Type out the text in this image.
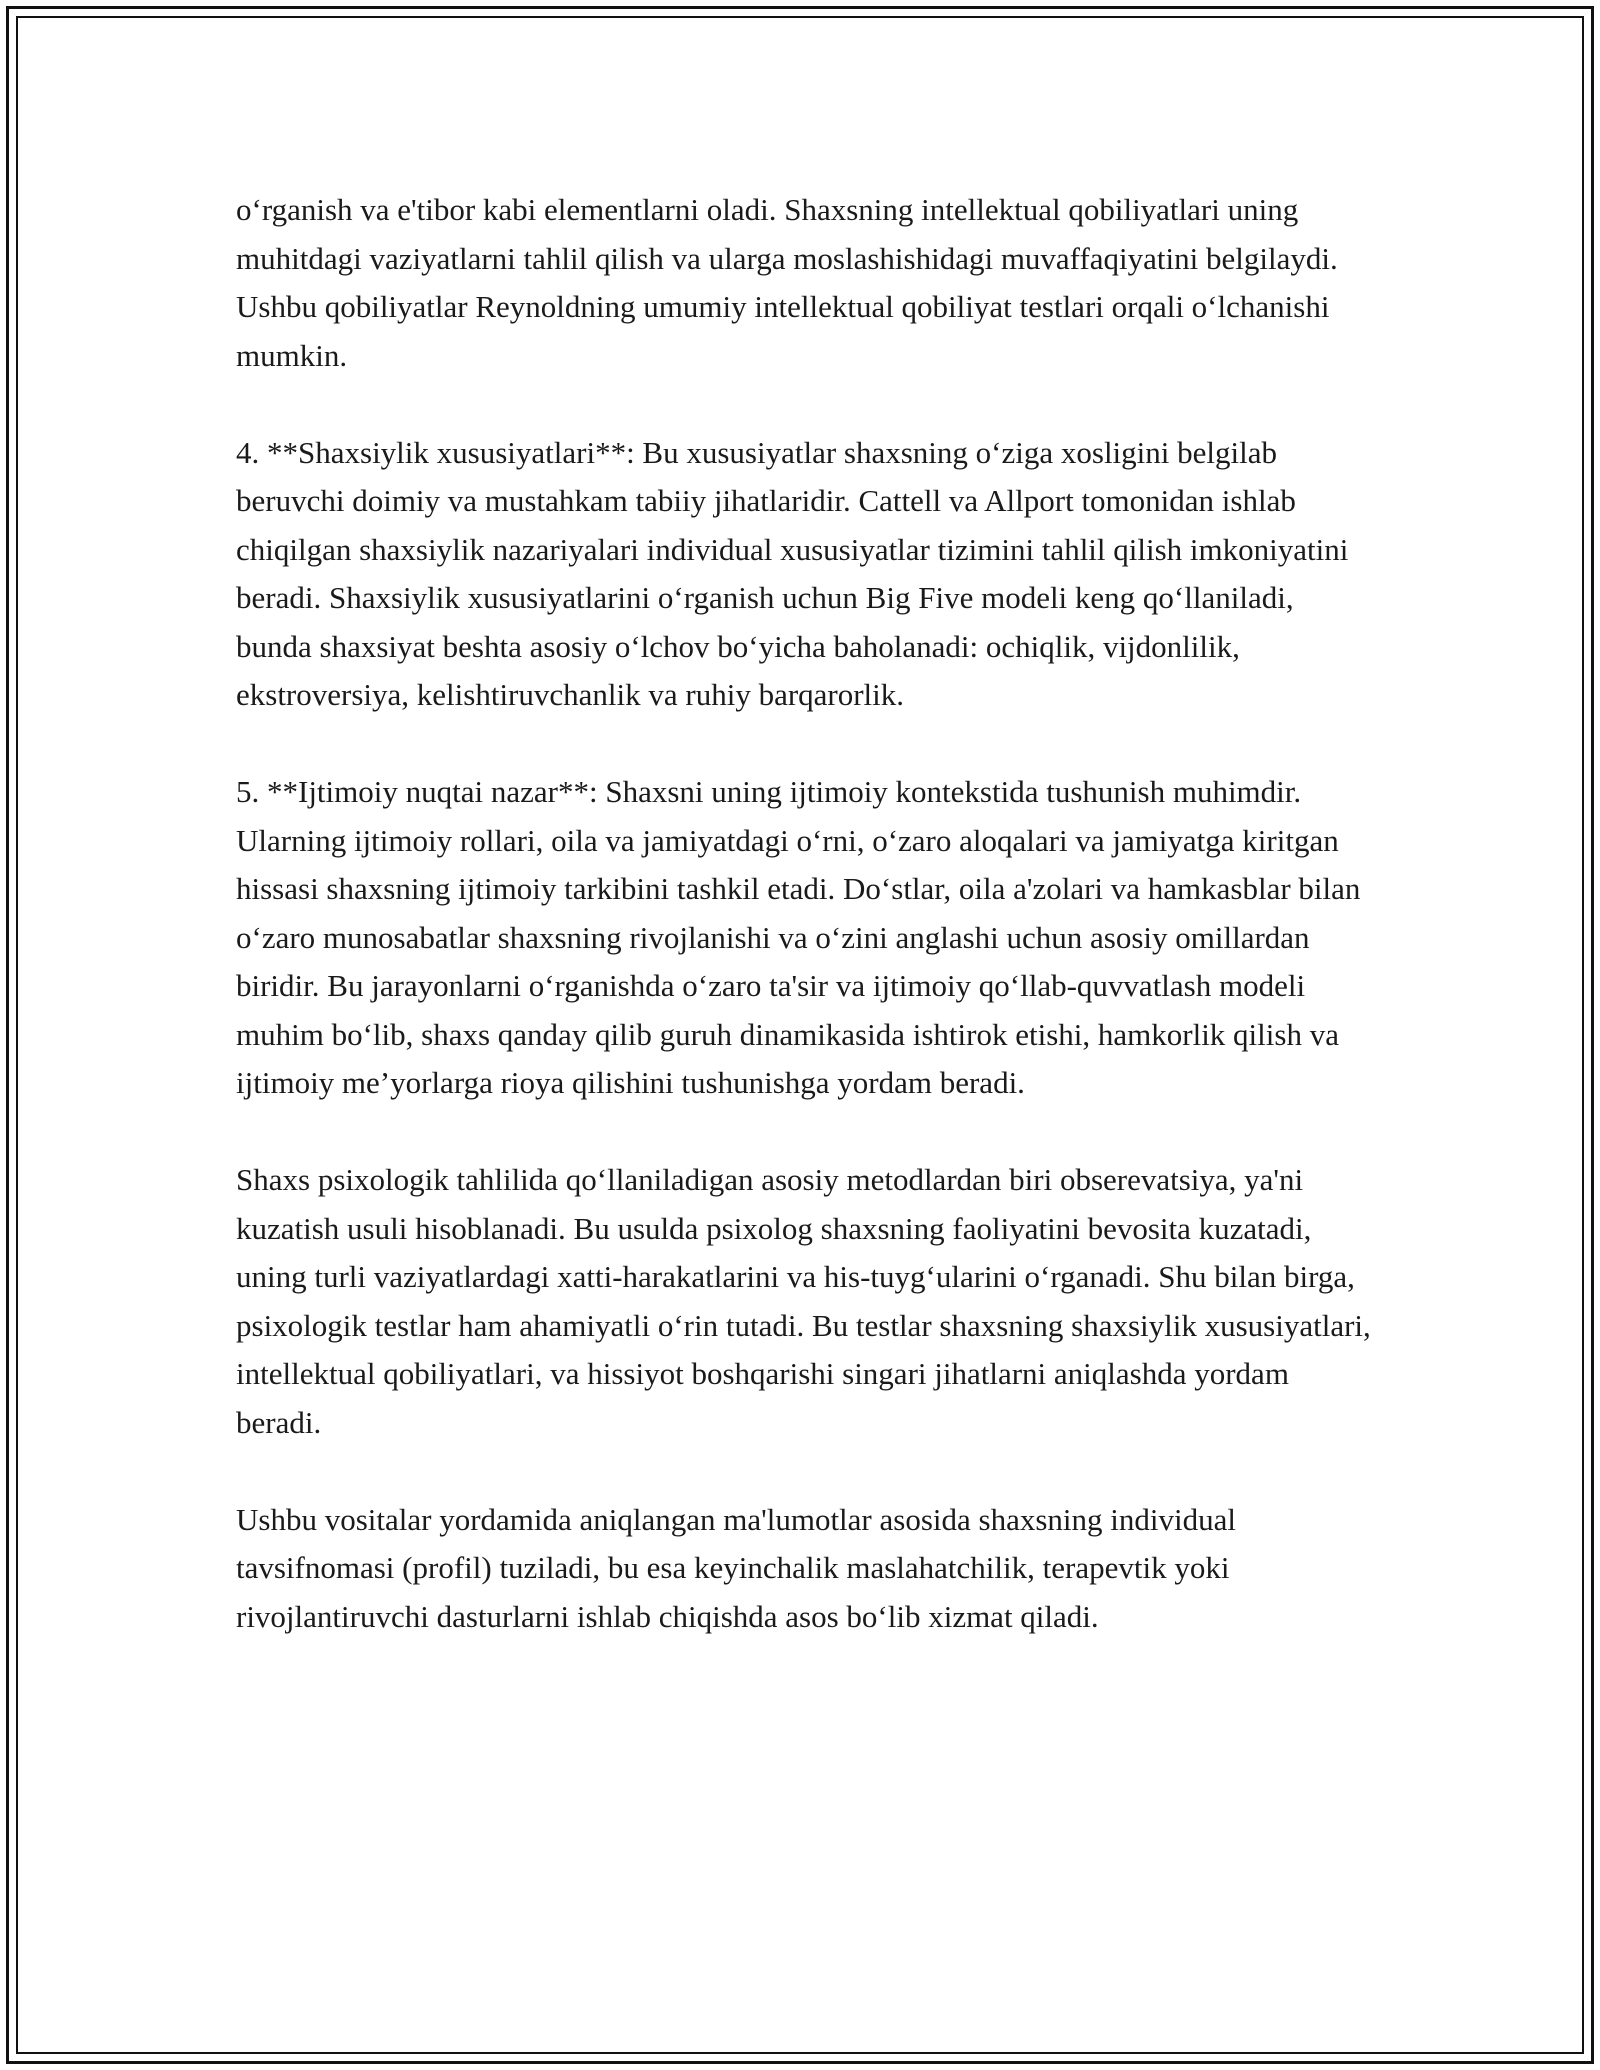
o‘rganish va e'tibor kabi elementlarni oladi. Shaxsning intellektual qobiliyatlari uning muhitdagi vaziyatlarni tahlil qilish va ularga moslashishidagi muvaffaqiyatini belgilaydi. Ushbu qobiliyatlar Reynoldning umumiy intellektual qobiliyat testlari orqali o‘lchanishi mumkin.

4. **Shaxsiylik xususiyatlari**: Bu xususiyatlar shaxsning o‘ziga xosligini belgilab beruvchi doimiy va mustahkam tabiiy jihatlaridir. Cattell va Allport tomonidan ishlab chiqilgan shaxsiylik nazariyalari individual xususiyatlar tizimini tahlil qilish imkoniyatini beradi. Shaxsiylik xususiyatlarini o‘rganish uchun Big Five modeli keng qo‘llaniladi, bunda shaxsiyat beshta asosiy o‘lchov bo‘yicha baholanadi: ochiqlik, vijdonlilik, ekstroversiya, kelishtiruvchanlik va ruhiy barqarorlik.

5. **Ijtimoiy nuqtai nazar**: Shaxsni uning ijtimoiy kontekstida tushunish muhimdir. Ularning ijtimoiy rollari, oila va jamiyatdagi o‘rni, o‘zaro aloqalari va jamiyatga kiritgan hissasi shaxsning ijtimoiy tarkibini tashkil etadi. Do‘stlar, oila a'zolari va hamkasblar bilan o‘zaro munosabatlar shaxsning rivojlanishi va o‘zini anglashi uchun asosiy omillardan biridir. Bu jarayonlarni o‘rganishda o‘zaro ta'sir va ijtimoiy qo‘llab-quvvatlash modeli muhim bo‘lib, shaxs qanday qilib guruh dinamikasida ishtirok etishi, hamkorlik qilish va ijtimoiy me’yorlarga rioya qilishini tushunishga yordam beradi.

Shaxs psixologik tahlilida qo‘llaniladigan asosiy metodlardan biri obserevatsiya, ya'ni kuzatish usuli hisoblanadi. Bu usulda psixolog shaxsning faoliyatini bevosita kuzatadi, uning turli vaziyatlardagi xatti-harakatlarini va his-tuyg‘ularini o‘rganadi. Shu bilan birga, psixologik testlar ham ahamiyatli o‘rin tutadi. Bu testlar shaxsning shaxsiylik xususiyatlari, intellektual qobiliyatlari, va hissiyot boshqarishi singari jihatlarni aniqlashda yordam beradi.

Ushbu vositalar yordamida aniqlangan ma'lumotlar asosida shaxsning individual tavsifnomasi (profil) tuziladi, bu esa keyinchalik maslahatchilik, terapevtik yoki rivojlantiruvchi dasturlarni ishlab chiqishda asos bo‘lib xizmat qiladi.
